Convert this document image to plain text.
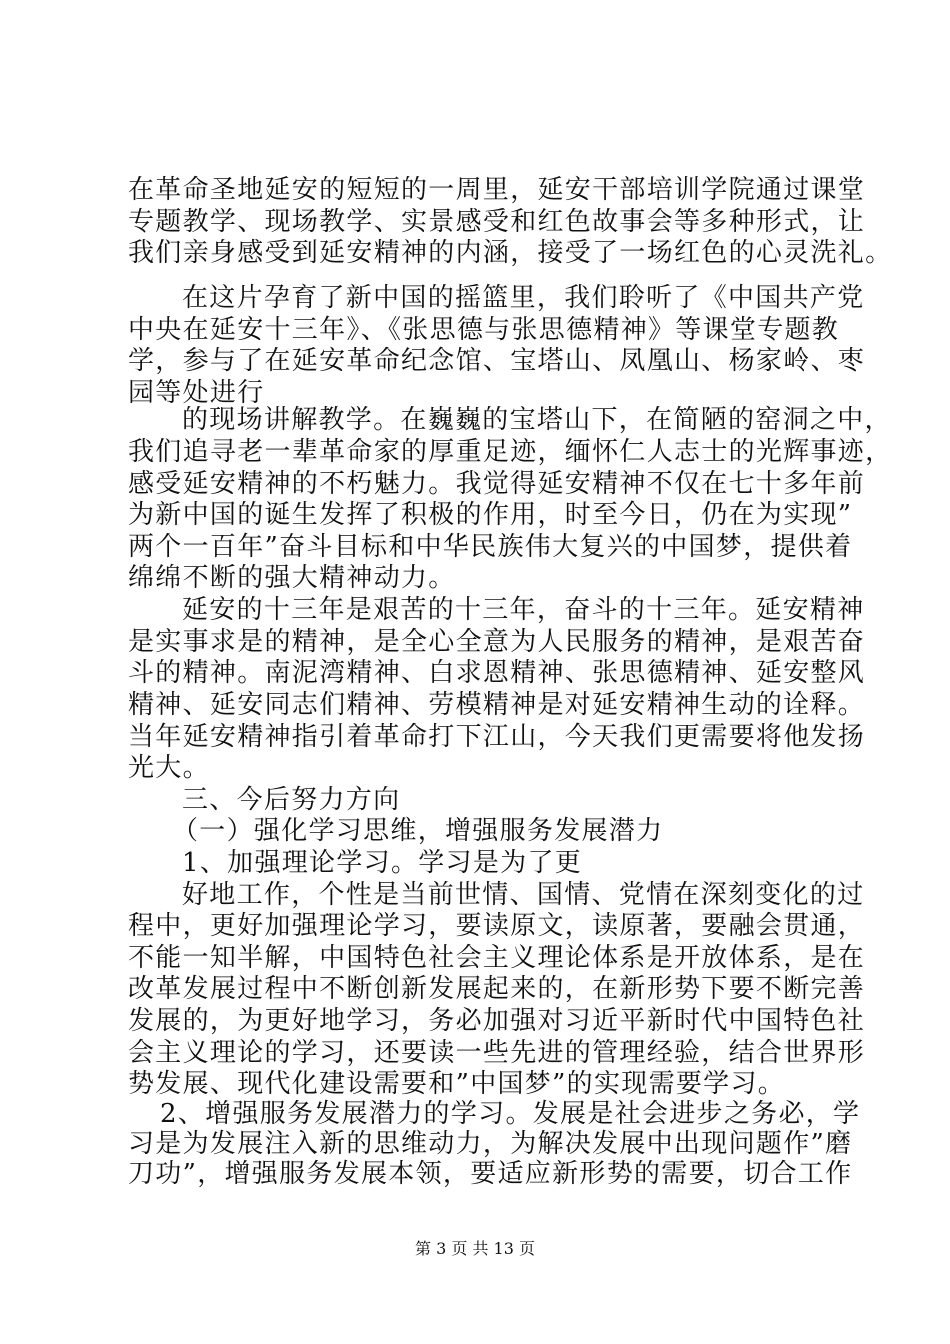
在革命圣地延安的短短的一周里，延安干部培训学院通过课堂
专题教学、现场教学、实景感受和红色故事会等多种形式，让
我们亲身感受到延安精神的内涵，接受了一场红色的心灵洗礼。
在这片孕育了新中国的摇篮里，我们聆听了《中国共产党
中央在延安十三年》、《张思德与张思德精神》等课堂专题教
学，参与了在延安革命纪念馆、宝塔山、凤凰山、杨家岭、枣
园等处进行
的现场讲解教学。在巍巍的宝塔山下，在简陋的窑洞之中，
我们追寻老一辈革命家的厚重足迹，缅怀仁人志士的光辉事迹，
感受延安精神的不朽魅力。我觉得延安精神不仅在七十多年前
为新中国的诞生发挥了积极的作用，时至今日，仍在为实现”
两个一百年”奋斗目标和中华民族伟大复兴的中国梦，提供着
绵绵不断的强大精神动力。
延安的十三年是艰苦的十三年，奋斗的十三年。延安精神
是实事求是的精神，是全心全意为人民服务的精神，是艰苦奋
斗的精神。南泥湾精神、白求恩精神、张思德精神、延安整风
精神、延安同志们精神、劳模精神是对延安精神生动的诠释。
当年延安精神指引着革命打下江山，今天我们更需要将他发扬
光大。
三、今后努力方向
（一）强化学习思维，增强服务发展潜力
1、加强理论学习。学习是为了更
好地工作，个性是当前世情、国情、党情在深刻变化的过
程中，更好加强理论学习，要读原文，读原著，要融会贯通，
不能一知半解，中国特色社会主义理论体系是开放体系，是在
改革发展过程中不断创新发展起来的，在新形势下要不断完善
发展的，为更好地学习，务必加强对习近平新时代中国特色社
会主义理论的学习，还要读一些先进的管理经验，结合世界形
势发展、现代化建设需要和”中国梦”的实现需要学习。
2、增强服务发展潜力的学习。发展是社会进步之务必，学
习是为发展注入新的思维动力，为解决发展中出现问题作”磨
刀功”，增强服务发展本领，要适应新形势的需要，切合工作
第 3 页 共 13 页
